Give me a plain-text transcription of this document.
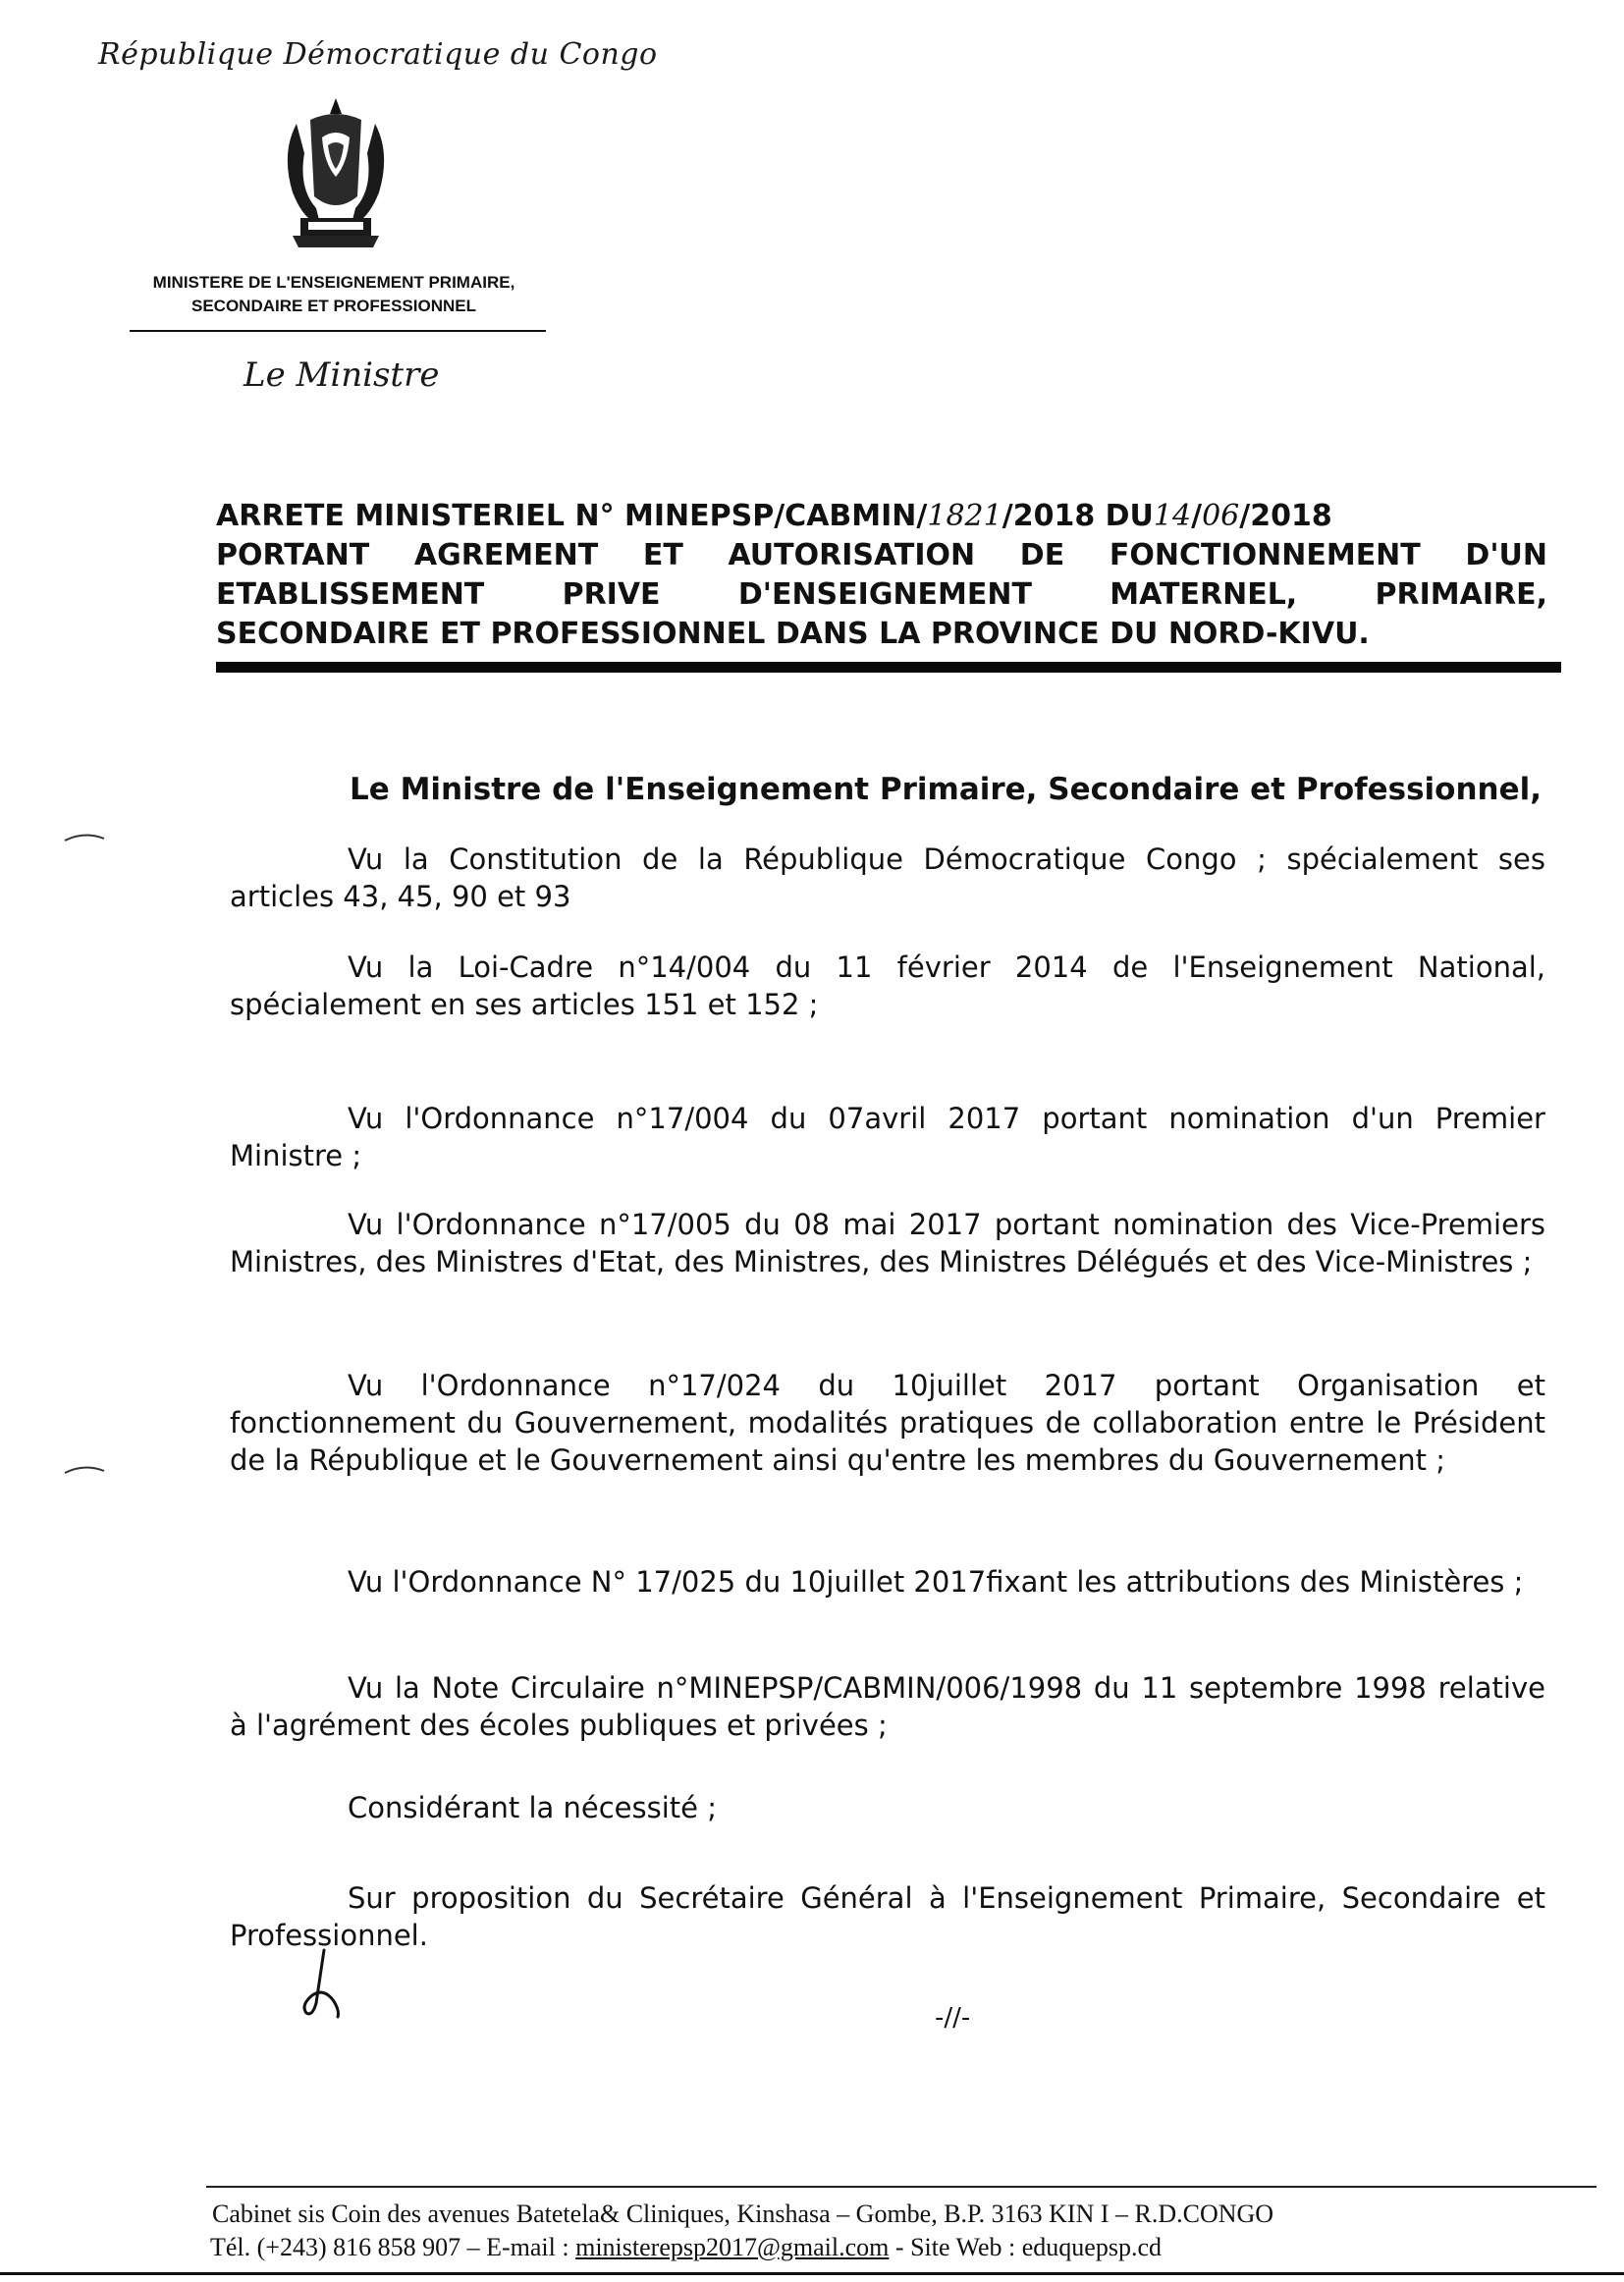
République Démocratique du Congo
MINISTERE DE L'ENSEIGNEMENT PRIMAIRE,
SECONDAIRE ET PROFESSIONNEL
Le Ministre
ARRETE MINISTERIEL N° MINEPSP/CABMIN/1821/2018 DU14/06/2018
PORTANT AGREMENT ET AUTORISATION DE FONCTIONNEMENT D'UN
ETABLISSEMENT PRIVE D'ENSEIGNEMENT MATERNEL, PRIMAIRE,
SECONDAIRE ET PROFESSIONNEL DANS LA PROVINCE DU NORD-KIVU.
Le Ministre de l'Enseignement Primaire, Secondaire et Professionnel,
Vu la Constitution de la République Démocratique Congo ; spécialement ses articles 43, 45, 90 et 93
Vu la Loi-Cadre n°14/004 du 11 février 2014 de l'Enseignement National, spécialement en ses articles 151 et 152 ;
Vu l'Ordonnance n°17/004 du 07avril 2017 portant nomination d'un Premier Ministre ;
Vu l'Ordonnance n°17/005 du 08 mai 2017 portant nomination des Vice-Premiers Ministres, des Ministres d'Etat, des Ministres, des Ministres Délégués et des Vice-Ministres ;
Vu l'Ordonnance n°17/024 du 10juillet 2017 portant Organisation et fonctionnement du Gouvernement, modalités pratiques de collaboration entre le Président de la République et le Gouvernement ainsi qu'entre les membres du Gouvernement ;
Vu l'Ordonnance N° 17/025 du 10juillet 2017fixant les attributions des Ministères ;
Vu la Note Circulaire n°MINEPSP/CABMIN/006/1998 du 11 septembre 1998 relative à l'agrément des écoles publiques et privées ;
Considérant la nécessité ;
Sur proposition du Secrétaire Général à l'Enseignement Primaire, Secondaire et Professionnel.
-//-
Cabinet sis Coin des avenues Batetela& Cliniques, Kinshasa – Gombe, B.P. 3163 KIN I – R.D.CONGO
Tél. (+243) 816 858 907 – E-mail : ministerepsp2017@gmail.com - Site Web : eduquepsp.cd
